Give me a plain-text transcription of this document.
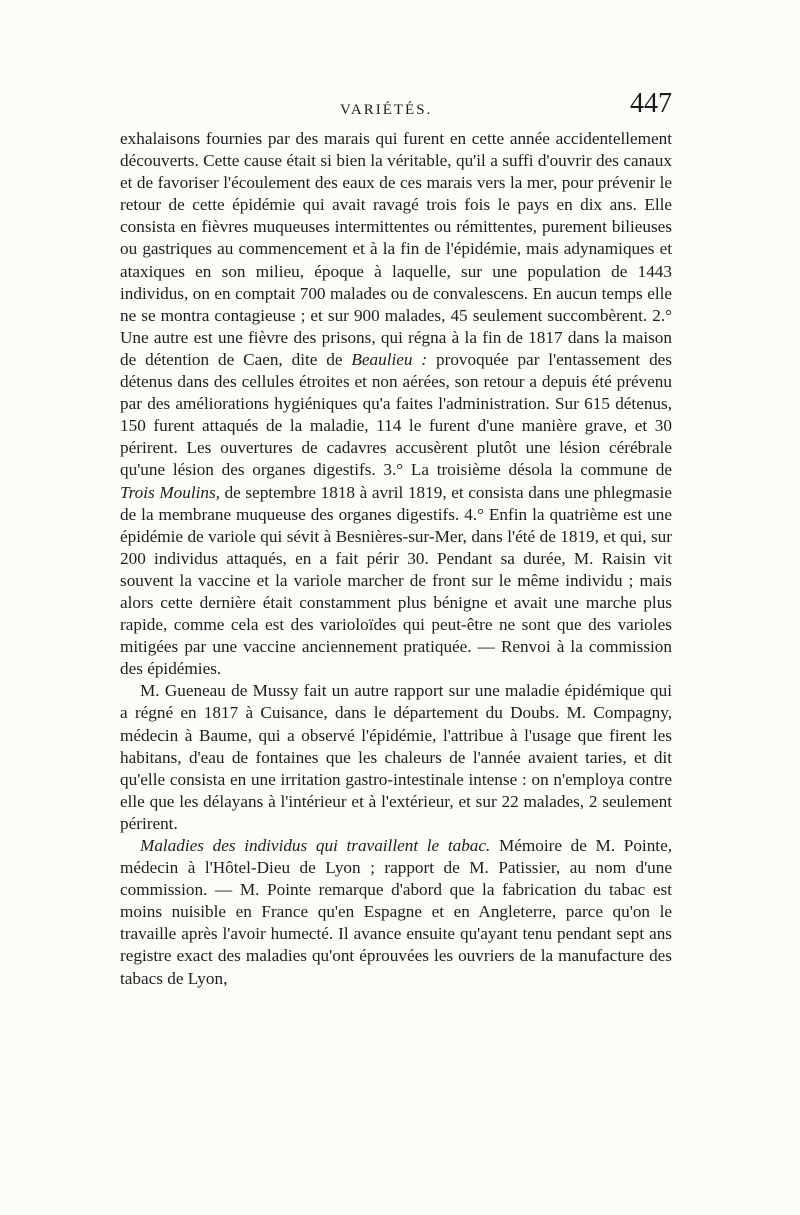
VARIÉTÉS.	447

exhalaisons fournies par des marais qui furent en cette année accidentellement découverts. Cette cause était si bien la véritable, qu'il a suffi d'ouvrir des canaux et de favoriser l'écoulement des eaux de ces marais vers la mer, pour prévenir le retour de cette épidémie qui avait ravagé trois fois le pays en dix ans. Elle consista en fièvres muqueuses intermittentes ou rémittentes, purement bilieuses ou gastriques au commencement et à la fin de l'épidémie, mais adynamiques et ataxiques en son milieu, époque à laquelle, sur une population de 1443 individus, on en comptait 700 malades ou de convalescens. En aucun temps elle ne se montra contagieuse ; et sur 900 malades, 45 seulement succombèrent. 2.° Une autre est une fièvre des prisons, qui régna à la fin de 1817 dans la maison de détention de Caen, dite de Beaulieu : provoquée par l'entassement des détenus dans des cellules étroites et non aérées, son retour a depuis été prévenu par des améliorations hygiéniques qu'a faites l'administration. Sur 615 détenus, 150 furent attaqués de la maladie, 114 le furent d'une manière grave, et 30 périrent. Les ouvertures de cadavres accusèrent plutôt une lésion cérébrale qu'une lésion des organes digestifs. 3.° La troisième désola la commune de Trois Moulins, de septembre 1818 à avril 1819, et consista dans une phlegmasie de la membrane muqueuse des organes digestifs. 4.° Enfin la quatrième est une épidémie de variole qui sévit à Besnières-sur-Mer, dans l'été de 1819, et qui, sur 200 individus attaqués, en a fait périr 30. Pendant sa durée, M. Raisin vit souvent la vaccine et la variole marcher de front sur le même individu ; mais alors cette dernière était constamment plus bénigne et avait une marche plus rapide, comme cela est des varioloïdes qui peut-être ne sont que des varioles mitigées par une vaccine anciennement pratiquée. — Renvoi à la commission des épidémies.

M. Gueneau de Mussy fait un autre rapport sur une maladie épidémique qui a régné en 1817 à Cuisance, dans le département du Doubs. M. Compagny, médecin à Baume, qui a observé l'épidémie, l'attribue à l'usage que firent les habitans, d'eau de fontaines que les chaleurs de l'année avaient taries, et dit qu'elle consista en une irritation gastro-intestinale intense : on n'employa contre elle que les délayans à l'intérieur et à l'extérieur, et sur 22 malades, 2 seulement périrent.

Maladies des individus qui travaillent le tabac. Mémoire de M. Pointe, médecin à l'Hôtel-Dieu de Lyon ; rapport de M. Patissier, au nom d'une commission. — M. Pointe remarque d'abord que la fabrication du tabac est moins nuisible en France qu'en Espagne et en Angleterre, parce qu'on le travaille après l'avoir humecté. Il avance ensuite qu'ayant tenu pendant sept ans registre exact des maladies qu'ont éprouvées les ouvriers de la manufacture des tabacs de Lyon,
